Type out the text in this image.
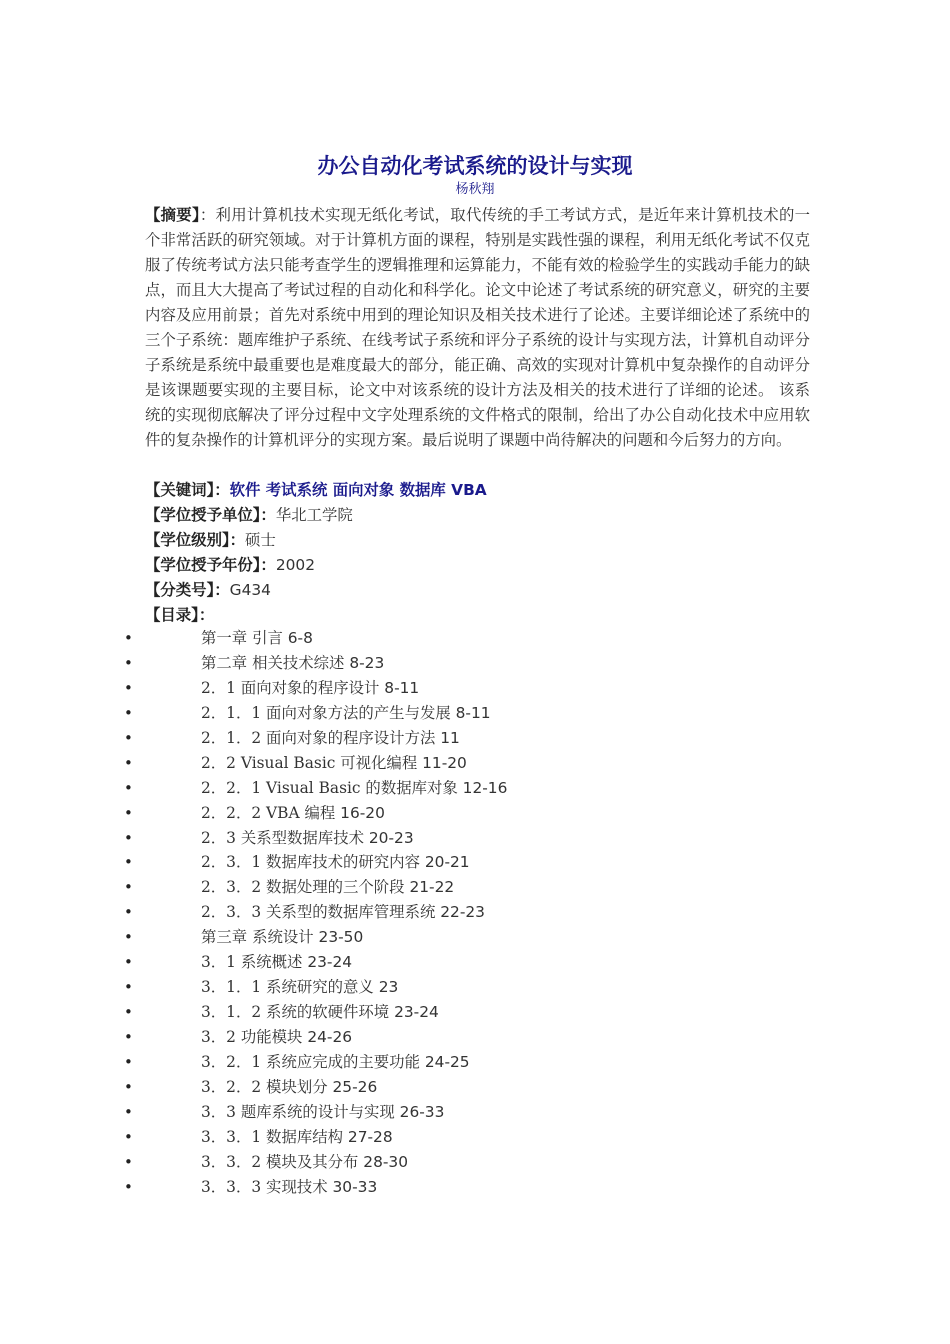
办公自动化考试系统的设计与实现
杨秋翔
【摘要】：利用计算机技术实现无纸化考试，取代传统的手工考试方式，是近年来计算机技术的一个非常活跃的研究领域。对于计算机方面的课程，特别是实践性强的课程，利用无纸化考试不仅克服了传统考试方法只能考查学生的逻辑推理和运算能力，不能有效的检验学生的实践动手能力的缺点，而且大大提高了考试过程的自动化和科学化。论文中论述了考试系统的研究意义，研究的主要内容及应用前景；首先对系统中用到的理论知识及相关技术进行了论述。主要详细论述了系统中的三个子系统：题库维护子系统、在线考试子系统和评分子系统的设计与实现方法，计算机自动评分子系统是系统中最重要也是难度最大的部分，能正确、高效的实现对计算机中复杂操作的自动评分是该课题要实现的主要目标，论文中对该系统的设计方法及相关的技术进行了详细的论述。 该系统的实现彻底解决了评分过程中文字处理系统的文件格式的限制，给出了办公自动化技术中应用软件的复杂操作的计算机评分的实现方案。最后说明了课题中尚待解决的问题和今后努力的方向。
【关键词】：软件 考试系统 面向对象 数据库 VBA
【学位授予单位】：华北工学院
【学位级别】：硕士
【学位授予年份】：2002
【分类号】：G434
【目录】：
•	第一章 引言 6-8
•	第二章 相关技术综述 8-23
•	2．1 面向对象的程序设计 8-11
•	2．1．1 面向对象方法的产生与发展 8-11
•	2．1．2 面向对象的程序设计方法 11
•	2．2 Visual Basic 可视化编程 11-20
•	2．2．1 Visual Basic 的数据库对象 12-16
•	2．2．2 VBA 编程 16-20
•	2．3 关系型数据库技术 20-23
•	2．3．1 数据库技术的研究内容 20-21
•	2．3．2 数据处理的三个阶段 21-22
•	2．3．3 关系型的数据库管理系统 22-23
•	第三章 系统设计 23-50
•	3．1 系统概述 23-24
•	3．1．1 系统研究的意义 23
•	3．1．2 系统的软硬件环境 23-24
•	3．2 功能模块 24-26
•	3．2．1 系统应完成的主要功能 24-25
•	3．2．2 模块划分 25-26
•	3．3 题库系统的设计与实现 26-33
•	3．3．1 数据库结构 27-28
•	3．3．2 模块及其分布 28-30
•	3．3．3 实现技术 30-33
